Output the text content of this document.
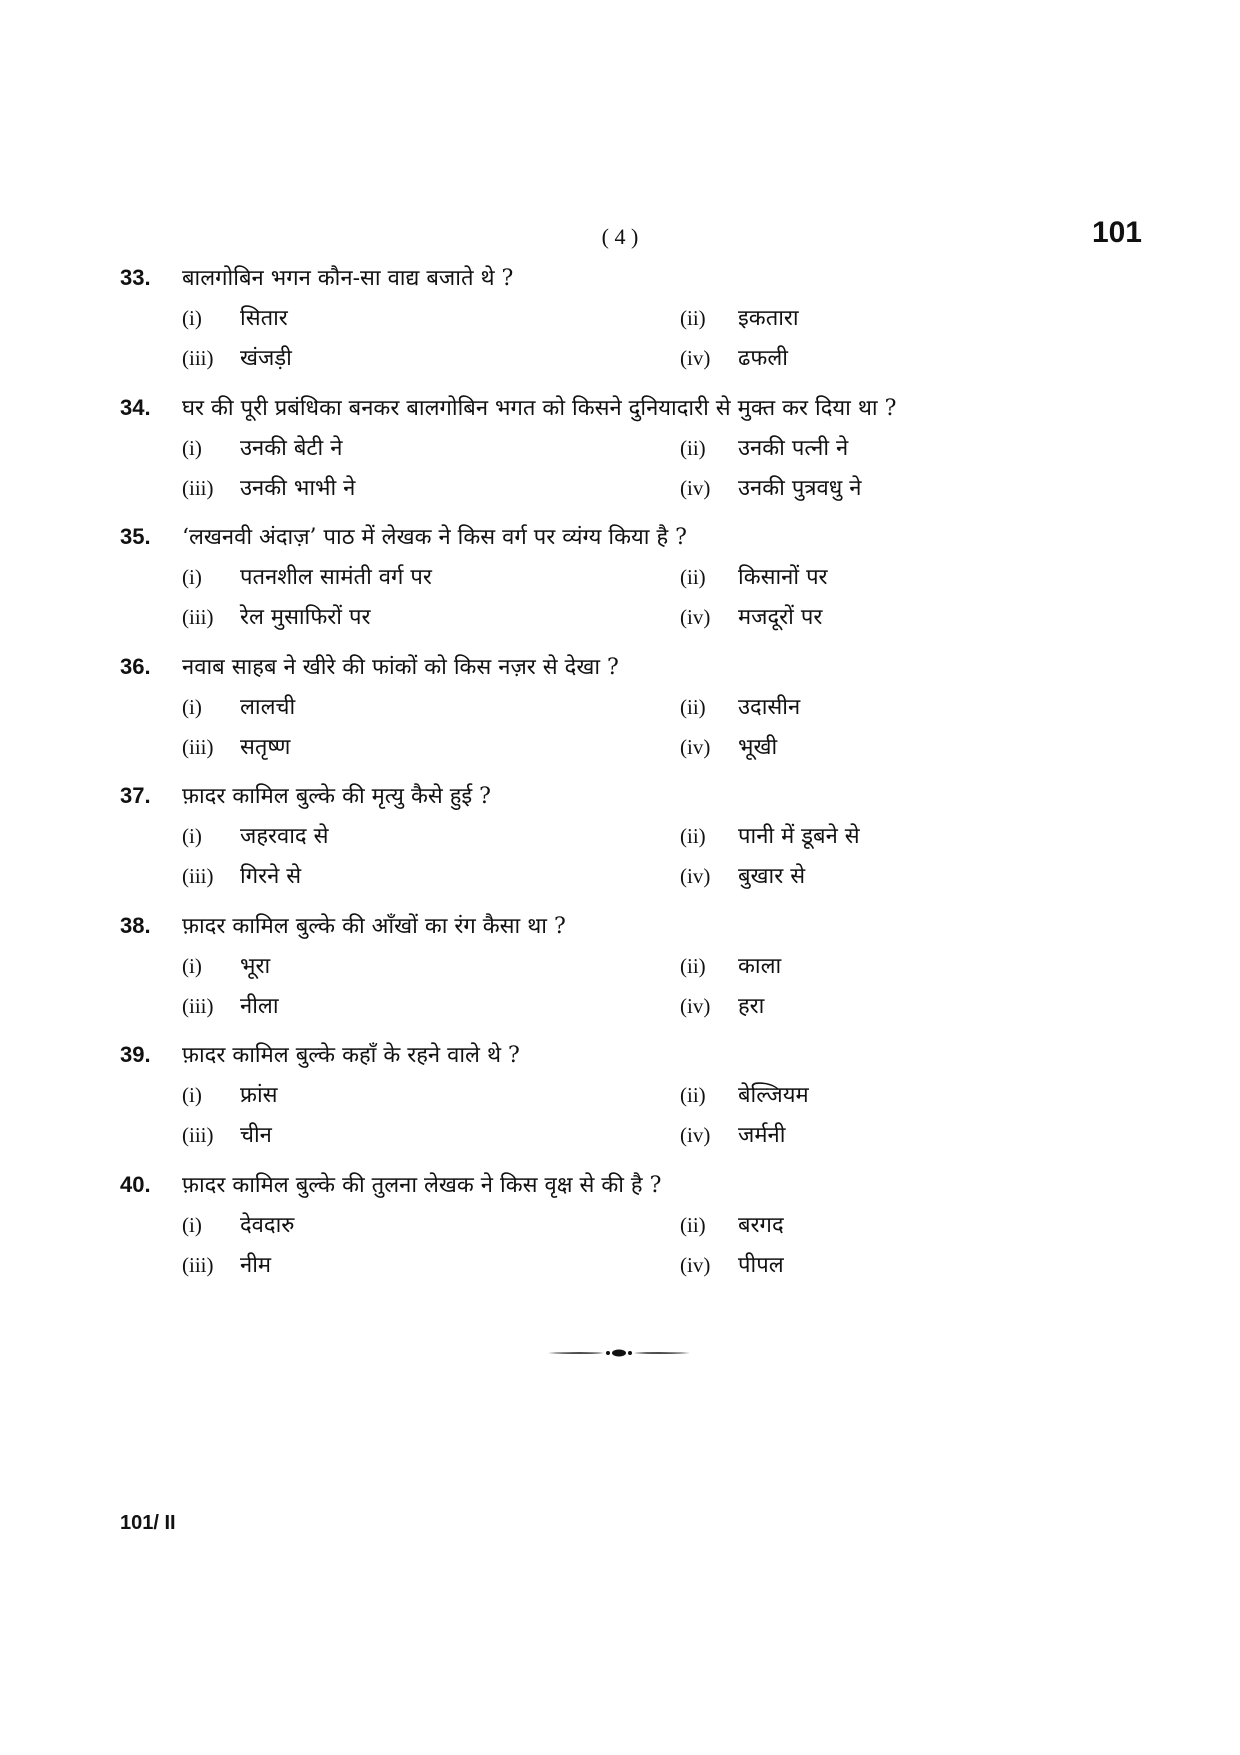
( 4 )	101
33.	बालगोबिन भगन कौन-सा वाद्य बजाते थे ?
(i)	सितार	(ii)	इकतारा
(iii)	खंजड़ी	(iv)	ढफली
34.	घर की पूरी प्रबंधिका बनकर बालगोबिन भगत को किसने दुनियादारी से मुक्त कर दिया था ?
(i)	उनकी बेटी ने	(ii)	उनकी पत्नी ने
(iii)	उनकी भाभी ने	(iv)	उनकी पुत्रवधु ने
35.	‘लखनवी अंदाज़’ पाठ में लेखक ने किस वर्ग पर व्यंग्य किया है ?
(i)	पतनशील सामंती वर्ग पर	(ii)	किसानों पर
(iii)	रेल मुसाफिरों पर	(iv)	मजदूरों पर
36.	नवाब साहब ने खीरे की फांकों को किस नज़र से देखा ?
(i)	लालची	(ii)	उदासीन
(iii)	सतृष्ण	(iv)	भूखी
37.	फ़ादर कामिल बुल्के की मृत्यु कैसे हुई ?
(i)	जहरवाद से	(ii)	पानी में डूबने से
(iii)	गिरने से	(iv)	बुखार से
38.	फ़ादर कामिल बुल्के की आँखों का रंग कैसा था ?
(i)	भूरा	(ii)	काला
(iii)	नीला	(iv)	हरा
39.	फ़ादर कामिल बुल्के कहाँ के रहने वाले थे ?
(i)	फ्रांस	(ii)	बेल्जियम
(iii)	चीन	(iv)	जर्मनी
40.	फ़ादर कामिल बुल्के की तुलना लेखक ने किस वृक्ष से की है ?
(i)	देवदारु	(ii)	बरगद
(iii)	नीम	(iv)	पीपल
101/ II
